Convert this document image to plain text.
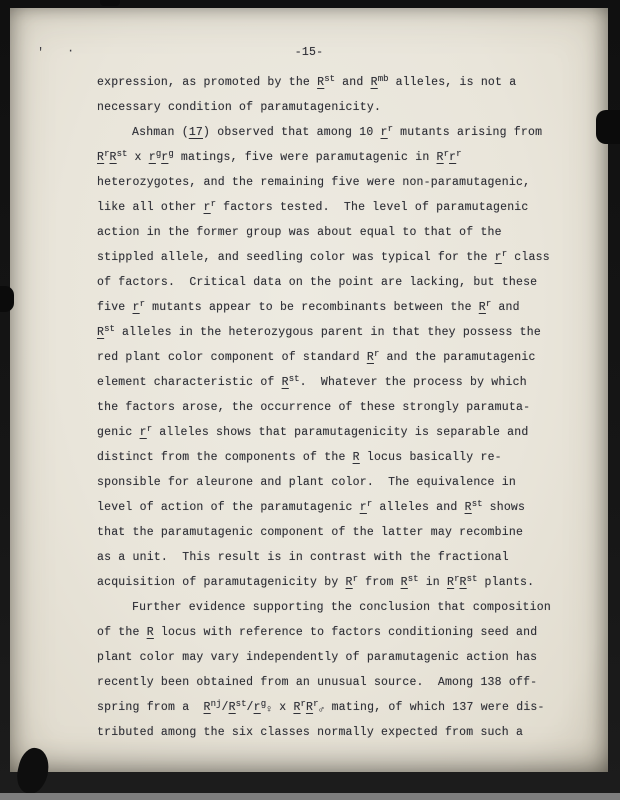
' ·	-15-
expression, as promoted by the $R^{st}$ and $R^{mb}$ alleles, is not a
necessary condition of paramutagenicity.
Ashman (17) observed that among 10 $r^r$ mutants arising from
$R^rR^{st}$ x $r^gr^g$ matings, five were paramutagenic in $R^rr^r$
heterozygotes, and the remaining five were non-paramutagenic,
like all other $r^r$ factors tested.  The level of paramutagenic
action in the former group was about equal to that of the
stippled allele, and seedling color was typical for the $r^r$ class
of factors.  Critical data on the point are lacking, but these
five $r^r$ mutants appear to be recombinants between the $R^r$ and
$R^{st}$ alleles in the heterozygous parent in that they possess the
red plant color component of standard $R^r$ and the paramutagenic
element characteristic of $R^{st}$.  Whatever the process by which
the factors arose, the occurrence of these strongly paramuta-
genic $r^r$ alleles shows that paramutagenicity is separable and
distinct from the components of the R locus basically re-
sponsible for aleurone and plant color.  The equivalence in
level of action of the paramutagenic $r^r$ alleles and $R^{st}$ shows
that the paramutagenic component of the latter may recombine
as a unit.  This result is in contrast with the fractional
acquisition of paramutagenicity by $R^r$ from $R^{st}$ in $R^rR^{st}$ plants.
Further evidence supporting the conclusion that composition
of the R locus with reference to factors conditioning seed and
plant color may vary independently of paramutagenic action has
recently been obtained from an unusual source.  Among 138 off-
spring from a  $R^{nj}/R^{st}/r^g♀$ x $R^rR^r♂$ mating, of which 137 were dis-
tributed among the six classes normally expected from such a
